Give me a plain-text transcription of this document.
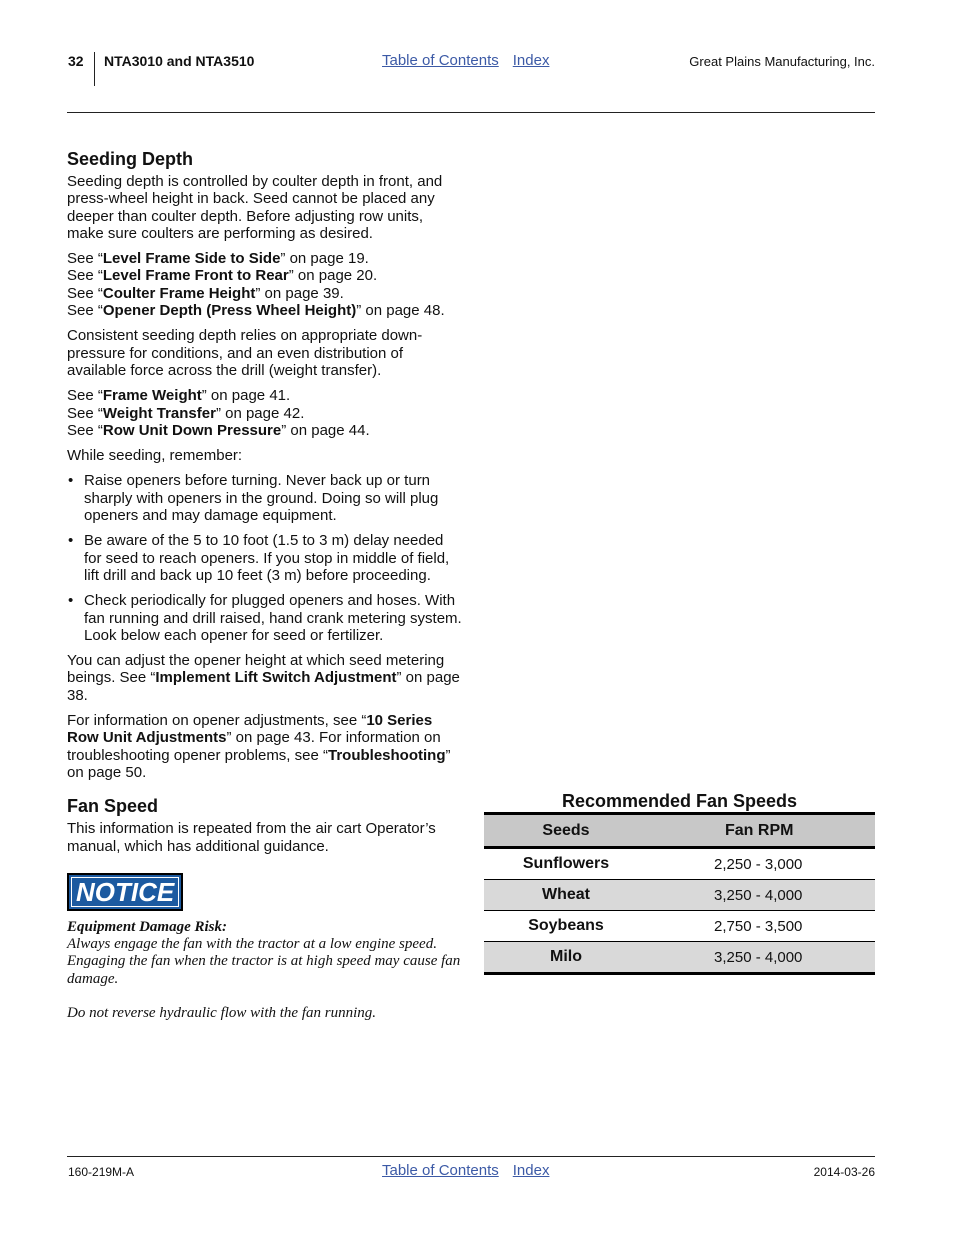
32	NTA3010 and NTA3510	Table of Contents Index	Great Plains Manufacturing, Inc.
Seeding Depth

Seeding depth is controlled by coulter depth in front, and press-wheel height in back. Seed cannot be placed any deeper than coulter depth. Before adjusting row units, make sure coulters are performing as desired.

See “Level Frame Side to Side” on page 19.
See “Level Frame Front to Rear” on page 20.
See “Coulter Frame Height” on page 39.
See “Opener Depth (Press Wheel Height)” on page 48.

Consistent seeding depth relies on appropriate down-pressure for conditions, and an even distribution of available force across the drill (weight transfer).

See “Frame Weight” on page 41.
See “Weight Transfer” on page 42.
See “Row Unit Down Pressure” on page 44.

While seeding, remember:

• Raise openers before turning. Never back up or turn sharply with openers in the ground. Doing so will plug openers and may damage equipment.
• Be aware of the 5 to 10 foot (1.5 to 3 m) delay needed for seed to reach openers. If you stop in middle of field, lift drill and back up 10 feet (3 m) before proceeding.
• Check periodically for plugged openers and hoses. With fan running and drill raised, hand crank metering system. Look below each opener for seed or fertilizer.

You can adjust the opener height at which seed metering beings. See “Implement Lift Switch Adjustment” on page 38.

For information on opener adjustments, see “10 Series Row Unit Adjustments” on page 43. For information on troubleshooting opener problems, see “Troubleshooting” on page 50.

Fan Speed

This information is repeated from the air cart Operator’s manual, which has additional guidance.

NOTICE

Equipment Damage Risk:
Always engage the fan with the tractor at a low engine speed. Engaging the fan when the tractor is at high speed may cause fan damage.

Do not reverse hydraulic flow with the fan running.

Recommended Fan Speeds
Seeds	Fan RPM
Sunflowers	2,250 - 3,000
Wheat	3,250 - 4,000
Soybeans	2,750 - 3,500
Milo	3,250 - 4,000
160-219M-A	Table of Contents Index	2014-03-26
